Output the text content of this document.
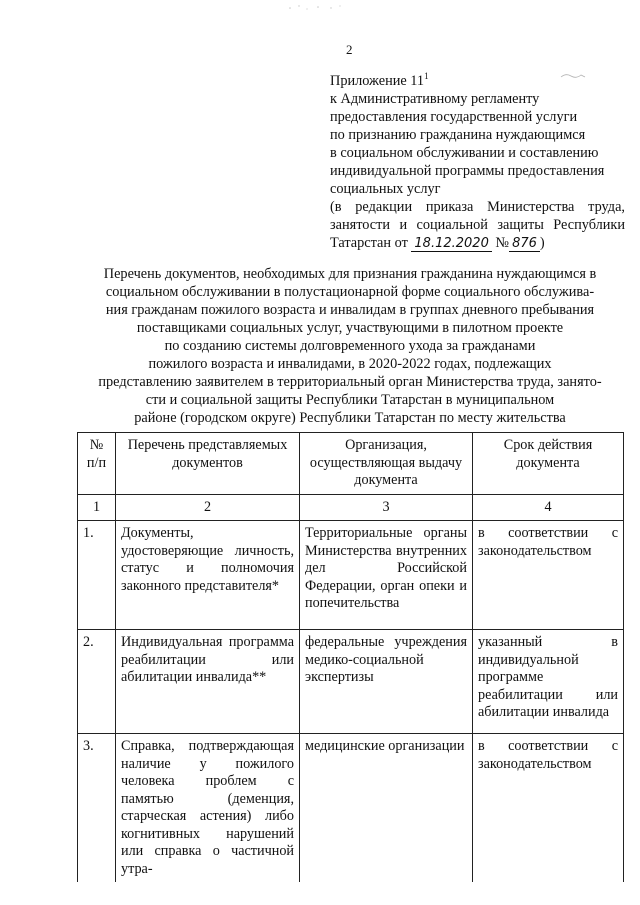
2
Приложение $11^1$
к Административному регламенту
предоставления государственной услуги
по признанию гражданина нуждающимся
в социальном обслуживании и составлению
индивидуальной программы предоставления
социальных услуг
(в редакции приказа Министерства труда,
занятости и социальной защиты Республики
Татарстан от 18.12.2020 № 876 )
Перечень документов, необходимых для признания гражданина нуждающимся в
социальном обслуживании в полустационарной форме социального обслужива-
ния гражданам пожилого возраста и инвалидам в группах дневного пребывания
поставщиками социальных услуг, участвующими в пилотном проекте
по созданию системы долговременного ухода за гражданами
пожилого возраста и инвалидами, в 2020-2022 годах, подлежащих
представлению заявителем в территориальный орган Министерства труда, занято-
сти и социальной защиты Республики Татарстан в муниципальном
районе (городском округе) Республики Татарстан по месту жительства
№ п/п	Перечень представляемых документов	Организация, осуществляющая выдачу документа	Срок действия документа
1	2	3	4
1.	Документы, удостоверяющие личность, статус и полномочия законного представителя*	Территориальные органы Министерства внутренних дел Российской Федерации, орган опеки и попечительства	в соответствии с законодательством
2.	Индивидуальная программа реабилитации или абилитации инвалида**	федеральные учреждения медико-социальной экспертизы	указанный в индивидуальной программе реабилитации или абилитации инвалида
3.	Справка, подтверждающая наличие у пожилого человека проблем с памятью (деменция, старческая астения) либо когнитивных нарушений или справка о частичной утра-	медицинские организации	в соответствии с законодательством
